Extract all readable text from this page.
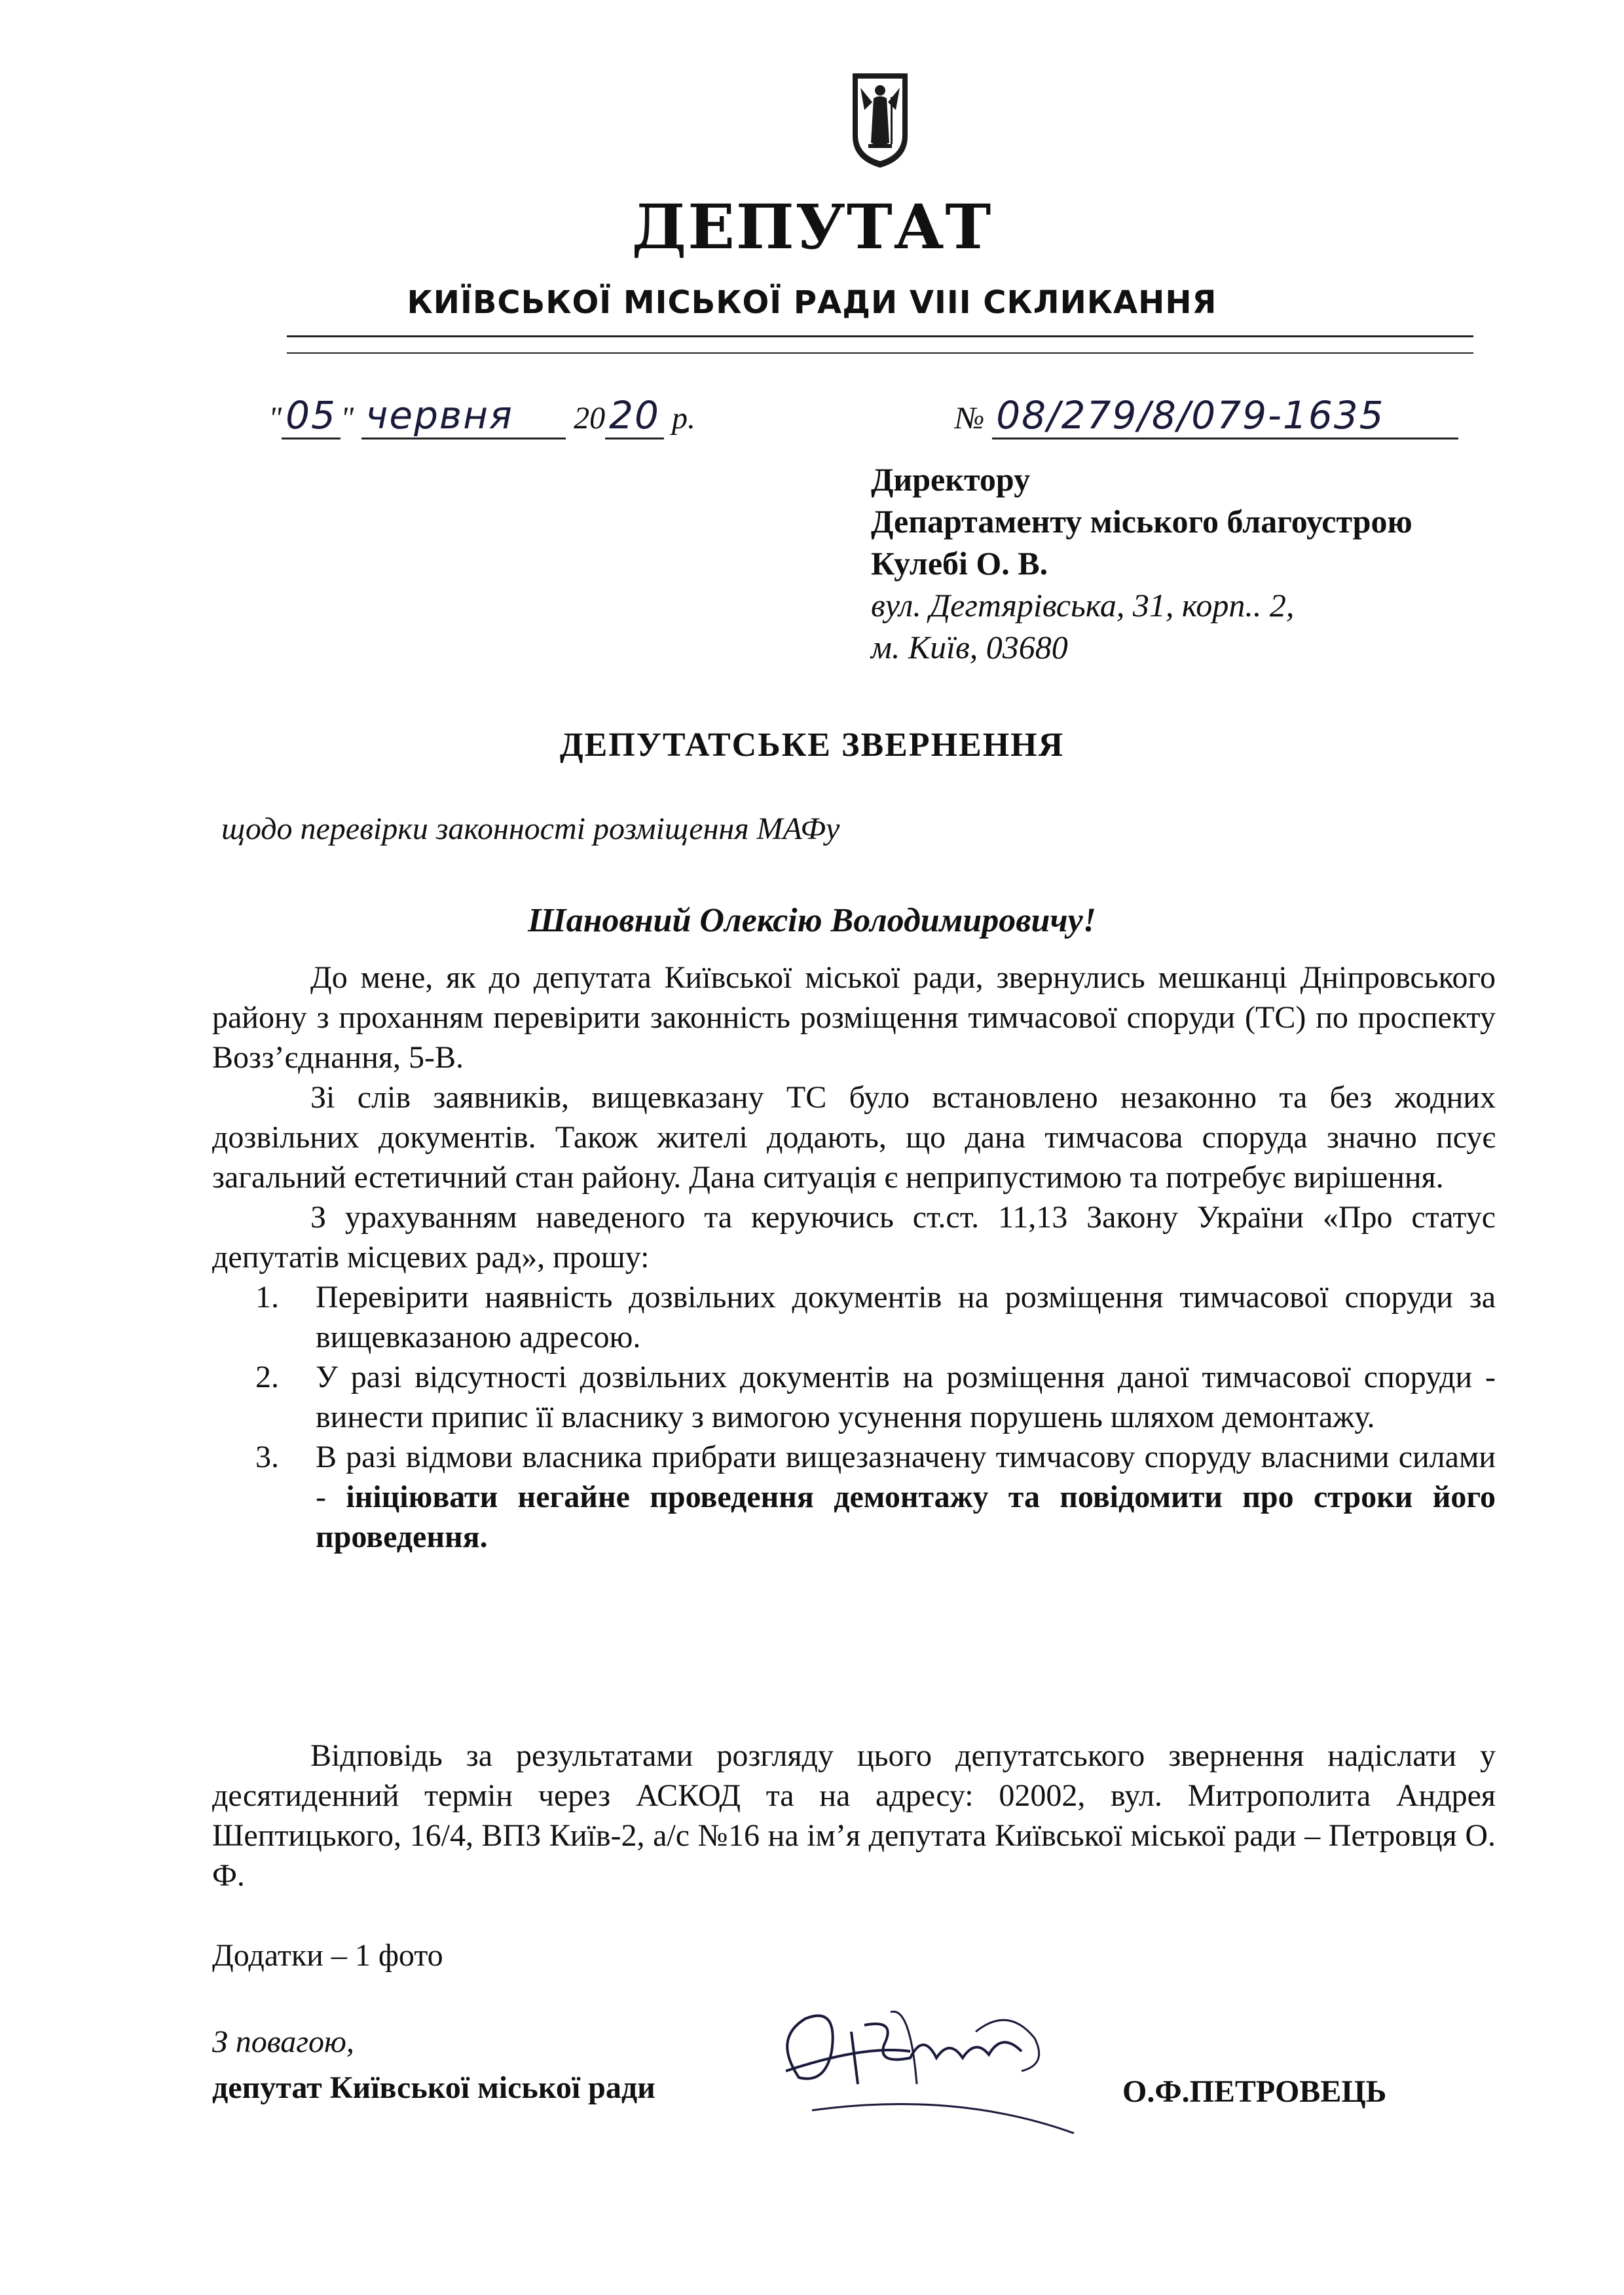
ДЕПУТАТ
КИЇВСЬКОЇ МІСЬКОЇ РАДИ VIII СКЛИКАННЯ
" 05 " червня 20 20 р.	№ 08/279/8/079-1635
Директору
Департаменту міського благоустрою
Кулебі О. В.
вул. Дегтярівська, 31, корп.. 2,
м. Київ, 03680
ДЕПУТАТСЬКЕ ЗВЕРНЕННЯ
щодо перевірки законності розміщення МАФу
Шановний Олексію Володимировичу!

До мене, як до депутата Київської міської ради, звернулись мешканці Дніпровського району з проханням перевірити законність розміщення тимчасової споруди (ТС) по проспекту Возз’єднання, 5-В.

Зі слів заявників, вищевказану ТС було встановлено незаконно та без жодних дозвільних документів. Також жителі додають, що дана тимчасова споруда значно псує загальний естетичний стан району. Дана ситуація є неприпустимою та потребує вирішення.

З урахуванням наведеного та керуючись ст.ст. 11,13 Закону України «Про статус депутатів місцевих рад», прошу:

1. Перевірити наявність дозвільних документів на розміщення тимчасової споруди за вищевказаною адресою.
2. У разі відсутності дозвільних документів на розміщення даної тимчасової споруди - винести припис її власнику з вимогою усунення порушень шляхом демонтажу.
3. В разі відмови власника прибрати вищезазначену тимчасову споруду власними силами - ініціювати негайне проведення демонтажу та повідомити про строки його проведення.

Відповідь за результатами розгляду цього депутатського звернення надіслати у десятиденний термін через АСКОД та на адресу: 02002, вул. Митрополита Андрея Шептицького, 16/4, ВПЗ Київ-2, а/с №16 на ім’я депутата Київської міської ради – Петровця О. Ф.

Додатки – 1 фото
З повагою,
депутат Київської міської ради	О.Ф.ПЕТРОВЕЦЬ
